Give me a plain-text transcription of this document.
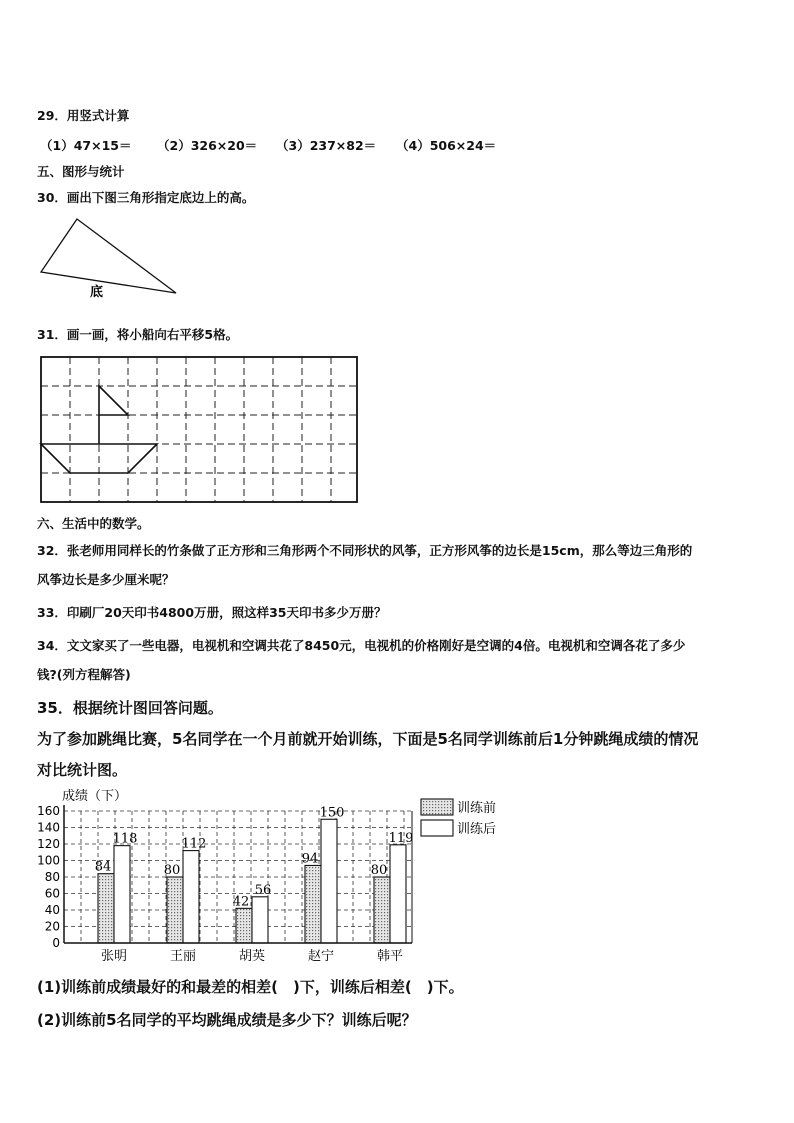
29．用竖式计算
（1）47×15＝ （2）326×20＝ （3）237×82＝ （4）506×24＝
五、图形与统计
30．画出下图三角形指定底边上的高。
底
31．画一画，将小船向右平移5格。
六、生活中的数学。
32．张老师用同样长的竹条做了正方形和三角形两个不同形状的风筝，正方形风筝的边长是15cm，那么等边三角形的
风筝边长是多少厘米呢？
33．印刷厂20天印书4800万册，照这样35天印书多少万册？
34．文文家买了一些电器，电视机和空调共花了8450元，电视机的价格刚好是空调的4倍。电视机和空调各花了多少
钱?(列方程解答)
35．根据统计图回答问题。
为了参加跳绳比赛，5名同学在一个月前就开始训练，下面是5名同学训练前后1分钟跳绳成绩的情况
对比统计图。
84
118
80
112
42
56
94
150
80
119
0
20
40
60
80
100
120
140
160
张明	王丽	胡英	赵宁	韩平
成绩（下）
训练前
训练后
(1)训练前成绩最好的和最差的相差(　)下，训练后相差(　)下。
(2)训练前5名同学的平均跳绳成绩是多少下？训练后呢？
